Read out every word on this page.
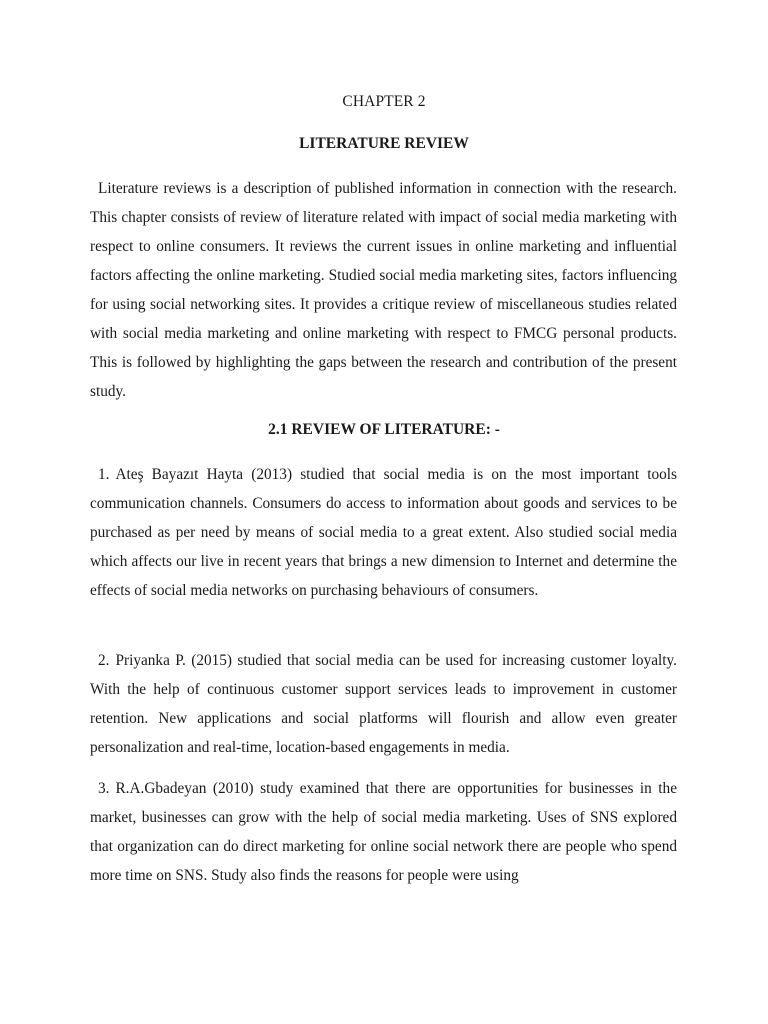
CHAPTER 2
LITERATURE REVIEW

Literature reviews is a description of published information in connection with the research. This chapter consists of review of literature related with impact of social media marketing with respect to online consumers. It reviews the current issues in online marketing and influential factors affecting the online marketing. Studied social media marketing sites, factors influencing for using social networking sites. It provides a critique review of miscellaneous studies related with social media marketing and online marketing with respect to FMCG personal products. This is followed by highlighting the gaps between the research and contribution of the present study.

2.1 REVIEW OF LITERATURE: -

1. Ateş Bayazıt Hayta (2013) studied that social media is on the most important tools communication channels. Consumers do access to information about goods and services to be purchased as per need by means of social media to a great extent. Also studied social media which affects our live in recent years that brings a new dimension to Internet and determine the effects of social media networks on purchasing behaviours of consumers.

2. Priyanka P. (2015) studied that social media can be used for increasing customer loyalty. With the help of continuous customer support services leads to improvement in customer retention. New applications and social platforms will flourish and allow even greater personalization and real-time, location-based engagements in media.

3. R.A.Gbadeyan (2010) study examined that there are opportunities for businesses in the market, businesses can grow with the help of social media marketing. Uses of SNS explored that organization can do direct marketing for online social network there are people who spend more time on SNS. Study also finds the reasons for people were using
